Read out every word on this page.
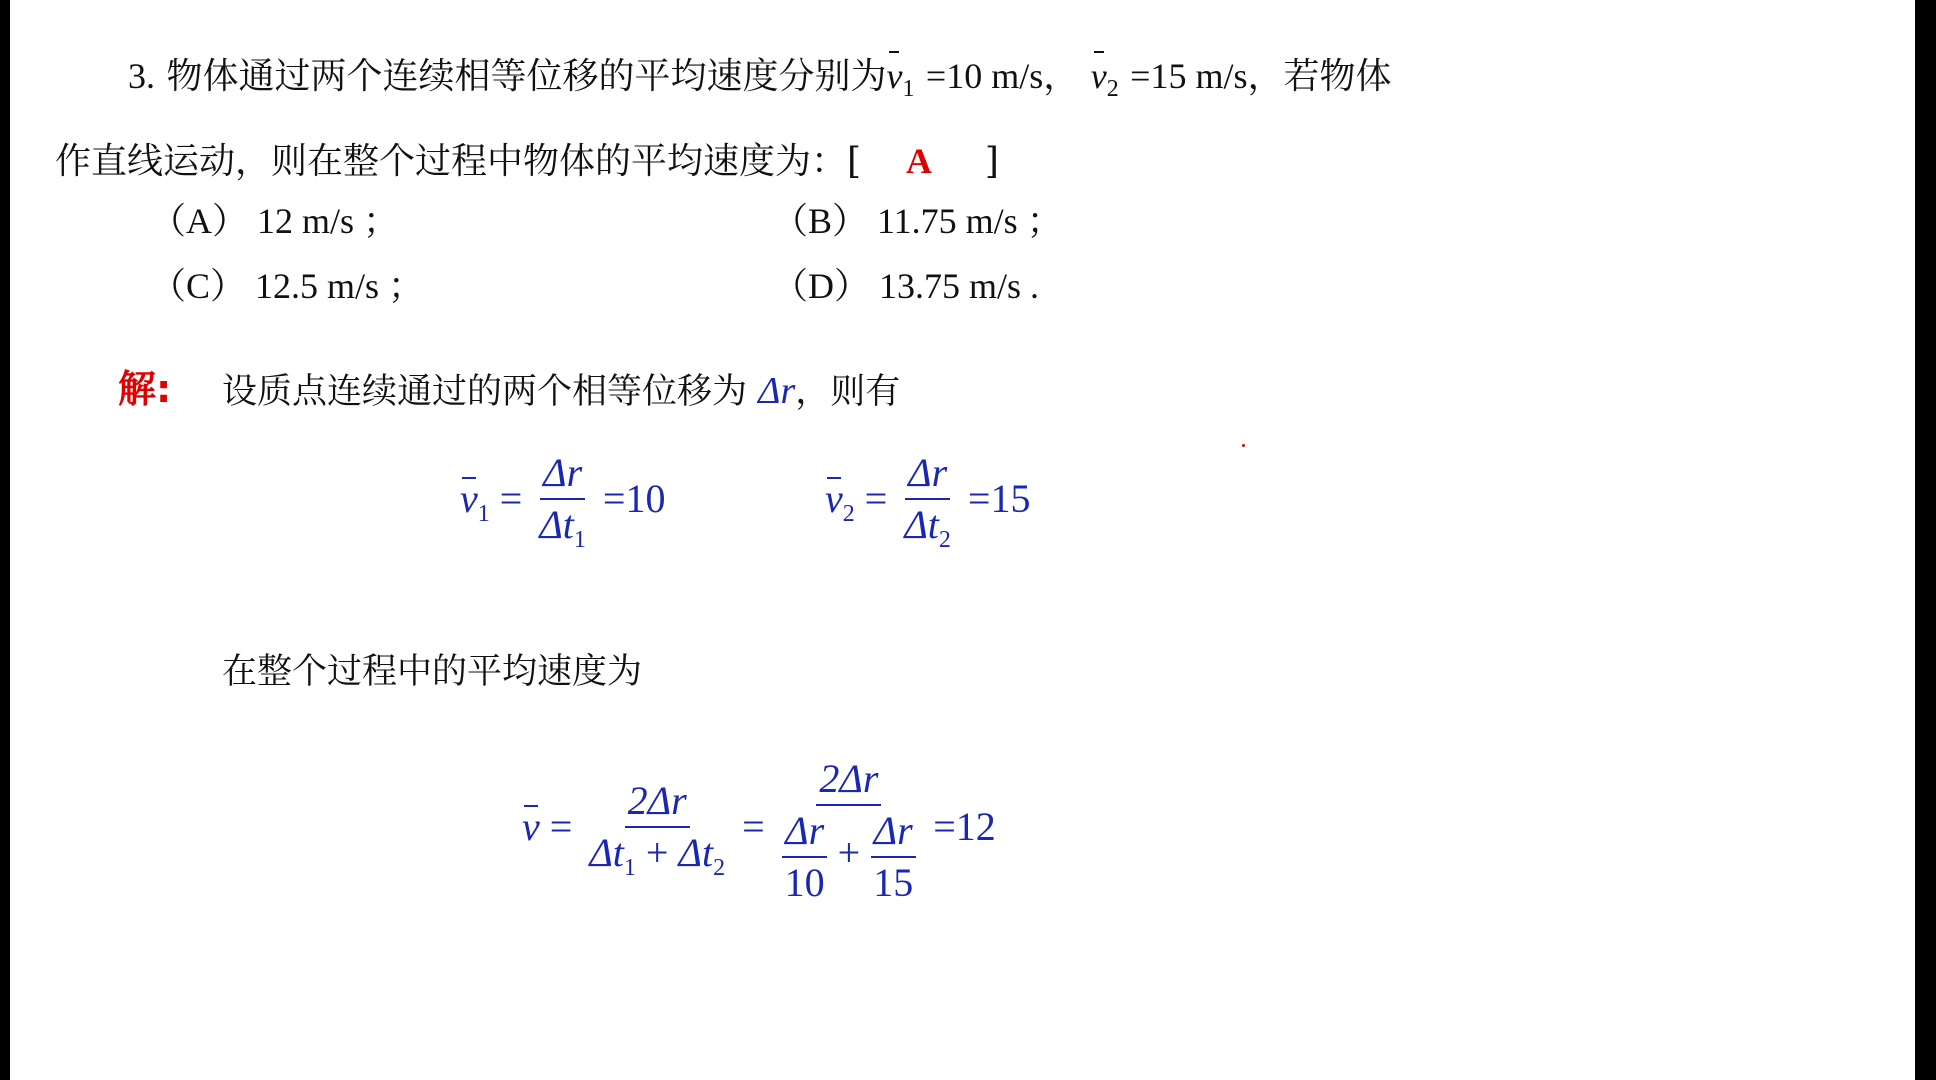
3. 物体通过两个连续相等位移的平均速度分别为$v_1 =10$ m/s， $v_2 =15$ m/s，若物体
作直线运动，则在整个过程中物体的平均速度为：[ A ]
（A） 12 m/s ；	（B） 11.75 m/s ；
（C） 12.5 m/s ；	（D） 13.75 m/s .
解: 设质点连续通过的两个相等位移为 Δr，则有
$v_1 = \frac{\Delta r}{\Delta t_1} =10$	$v_2 = \frac{\Delta r}{\Delta t_2} =15$
在整个过程中的平均速度为
$v = \frac{2\Delta r}{\Delta t_1 + \Delta t_2}$ =
2Δr
$\frac{\Delta r}{10} + \frac{\Delta r}{15} =12$
